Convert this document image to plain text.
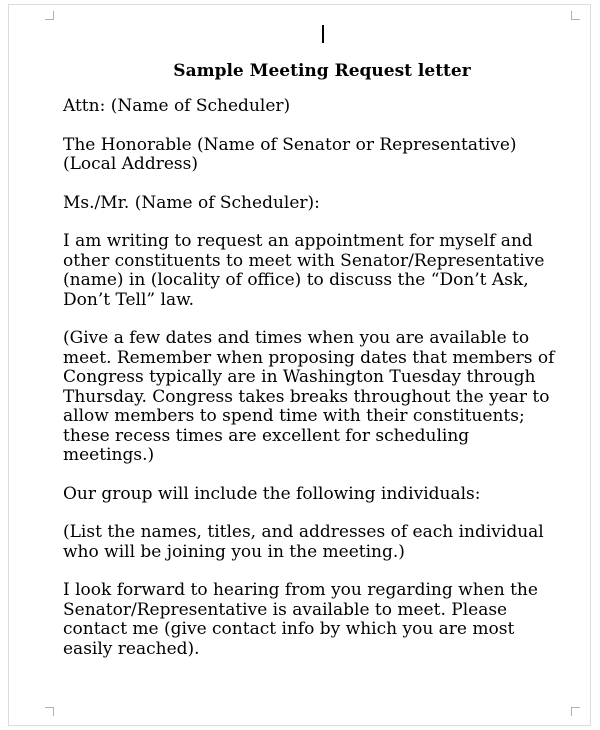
Sample Meeting Request letter

Attn: (Name of Scheduler)

The Honorable (Name of Senator or Representative)
(Local Address)

Ms./Mr. (Name of Scheduler):

I am writing to request an appointment for myself and
other constituents to meet with Senator/Representative
(name) in (locality of office) to discuss the “Don’t Ask,
Don’t Tell” law.

(Give a few dates and times when you are available to
meet. Remember when proposing dates that members of
Congress typically are in Washington Tuesday through
Thursday. Congress takes breaks throughout the year to
allow members to spend time with their constituents;
these recess times are excellent for scheduling
meetings.)

Our group will include the following individuals:

(List the names, titles, and addresses of each individual
who will be joining you in the meeting.)

I look forward to hearing from you regarding when the
Senator/Representative is available to meet. Please
contact me (give contact info by which you are most
easily reached).
